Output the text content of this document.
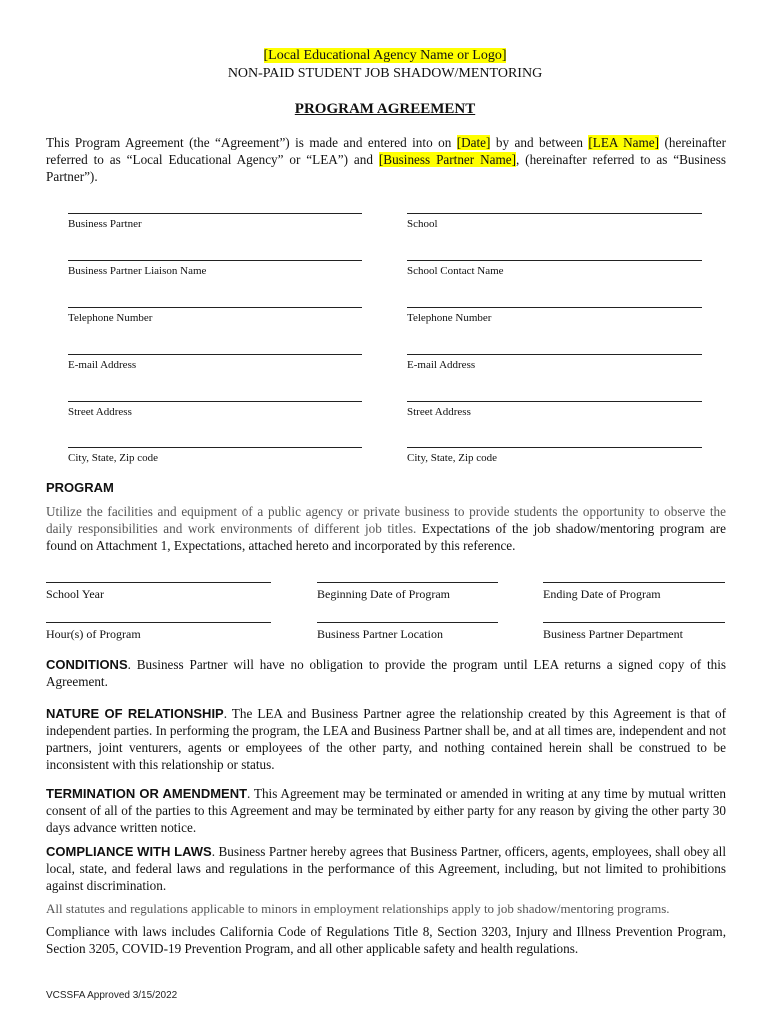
[Local Educational Agency Name or Logo]
NON-PAID STUDENT JOB SHADOW/MENTORING
PROGRAM AGREEMENT
This Program Agreement (the “Agreement”) is made and entered into on [Date] by and between [LEA Name] (hereinafter referred to as “Local Educational Agency” or “LEA”) and [Business Partner Name], (hereinafter referred to as “Business Partner”).
Business Partner	School
Business Partner Liaison Name	School Contact Name
Telephone Number	Telephone Number
E-mail Address	E-mail Address
Street Address	Street Address
City, State, Zip code	City, State, Zip code
PROGRAM
Utilize the facilities and equipment of a public agency or private business to provide students the opportunity to observe the daily responsibilities and work environments of different job titles. Expectations of the job shadow/mentoring program are found on Attachment 1, Expectations, attached hereto and incorporated by this reference.
School Year	Beginning Date of Program	Ending Date of Program
Hour(s) of Program	Business Partner Location	Business Partner Department
CONDITIONS. Business Partner will have no obligation to provide the program until LEA returns a signed copy of this Agreement.
NATURE OF RELATIONSHIP. The LEA and Business Partner agree the relationship created by this Agreement is that of independent parties. In performing the program, the LEA and Business Partner shall be, and at all times are, independent and not partners, joint venturers, agents or employees of the other party, and nothing contained herein shall be construed to be inconsistent with this relationship or status.
TERMINATION OR AMENDMENT. This Agreement may be terminated or amended in writing at any time by mutual written consent of all of the parties to this Agreement and may be terminated by either party for any reason by giving the other party 30 days advance written notice.
COMPLIANCE WITH LAWS. Business Partner hereby agrees that Business Partner, officers, agents, employees, shall obey all local, state, and federal laws and regulations in the performance of this Agreement, including, but not limited to prohibitions against discrimination.
All statutes and regulations applicable to minors in employment relationships apply to job shadow/mentoring programs.
Compliance with laws includes California Code of Regulations Title 8, Section 3203, Injury and Illness Prevention Program, Section 3205, COVID-19 Prevention Program, and all other applicable safety and health regulations.
VCSSFA Approved 3/15/2022
